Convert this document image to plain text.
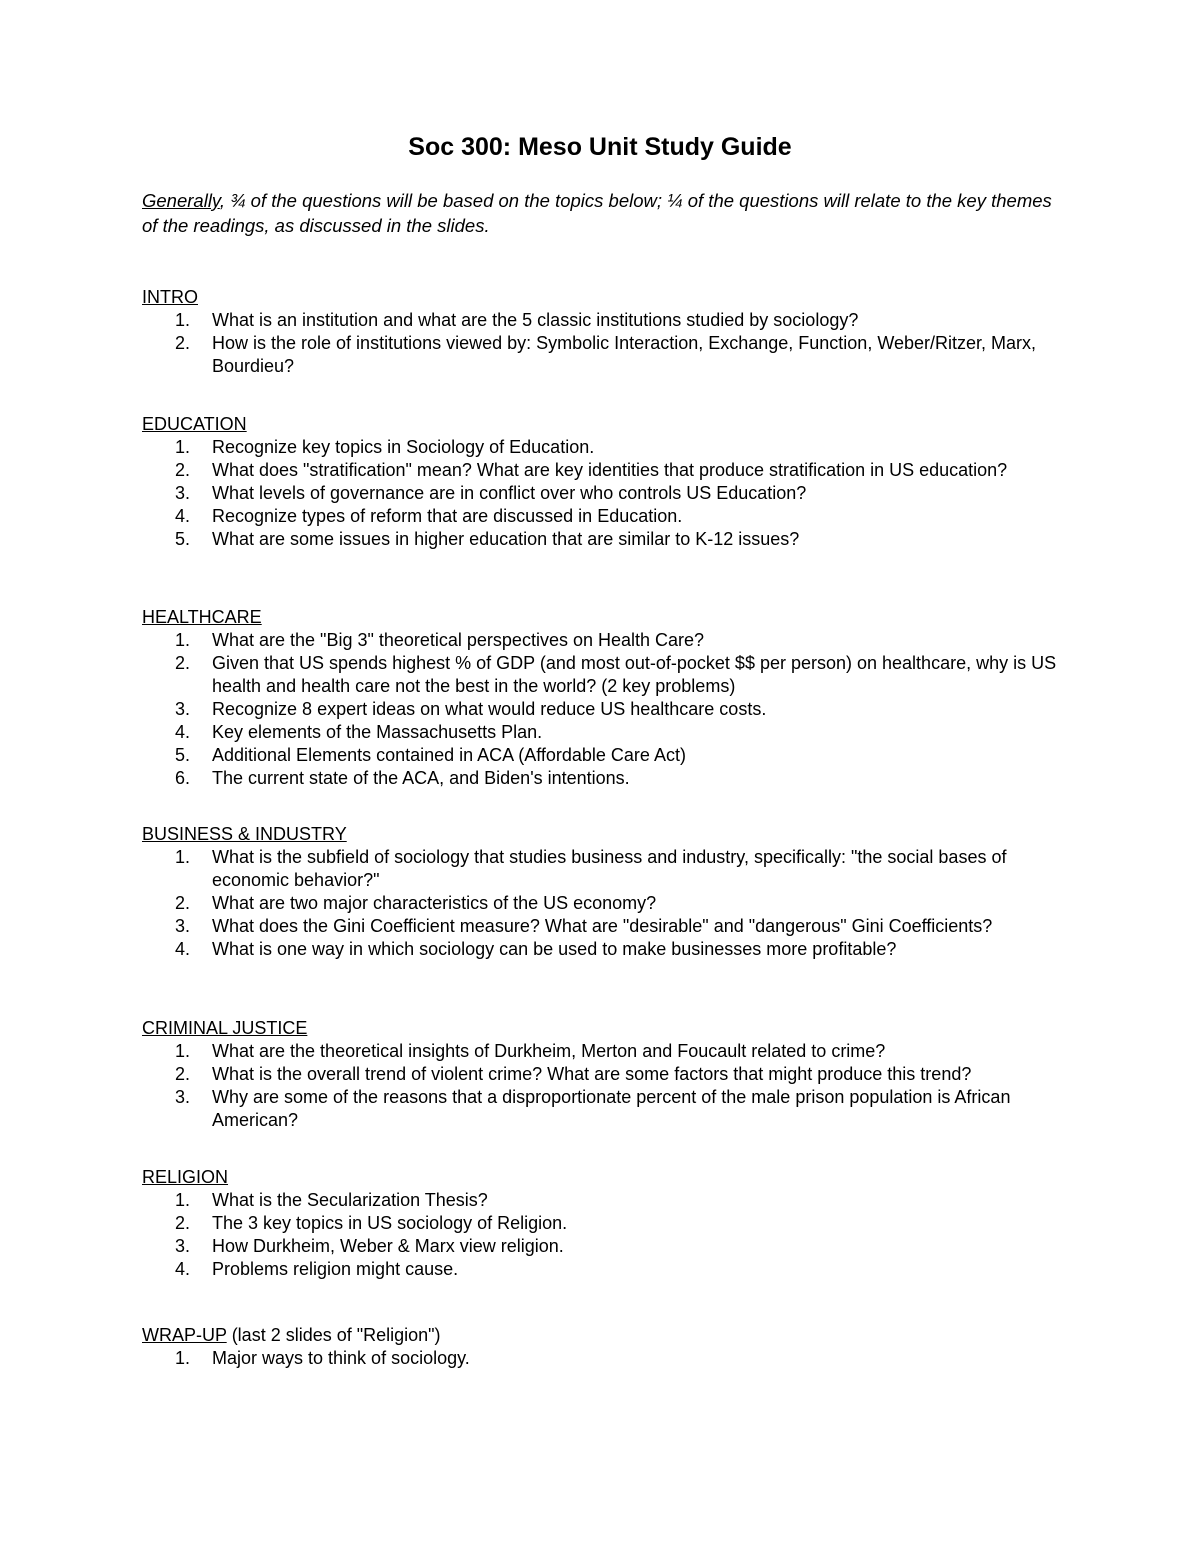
Soc 300: Meso Unit Study Guide
Generally, ¾ of the questions will be based on the topics below; ¼ of the questions will relate to the key themes of the readings, as discussed in the slides.
INTRO
1. What is an institution and what are the 5 classic institutions studied by sociology?
2. How is the role of institutions viewed by: Symbolic Interaction, Exchange, Function, Weber/Ritzer, Marx, Bourdieu?
EDUCATION
1. Recognize key topics in Sociology of Education.
2. What does "stratification" mean? What are key identities that produce stratification in US education?
3. What levels of governance are in conflict over who controls US Education?
4. Recognize types of reform that are discussed in Education.
5. What are some issues in higher education that are similar to K-12 issues?
HEALTHCARE
1. What are the "Big 3" theoretical perspectives on Health Care?
2. Given that US spends highest % of GDP (and most out-of-pocket $$ per person) on healthcare, why is US health and health care not the best in the world? (2 key problems)
3. Recognize 8 expert ideas on what would reduce US healthcare costs.
4. Key elements of the Massachusetts Plan.
5. Additional Elements contained in ACA (Affordable Care Act)
6. The current state of the ACA, and Biden's intentions.
BUSINESS & INDUSTRY
1. What is the subfield of sociology that studies business and industry, specifically: "the social bases of economic behavior?"
2. What are two major characteristics of the US economy?
3. What does the Gini Coefficient measure? What are "desirable" and "dangerous" Gini Coefficients?
4. What is one way in which sociology can be used to make businesses more profitable?
CRIMINAL JUSTICE
1. What are the theoretical insights of Durkheim, Merton and Foucault related to crime?
2. What is the overall trend of violent crime? What are some factors that might produce this trend?
3. Why are some of the reasons that a disproportionate percent of the male prison population is African American?
RELIGION
1. What is the Secularization Thesis?
2. The 3 key topics in US sociology of Religion.
3. How Durkheim, Weber & Marx view religion.
4. Problems religion might cause.
WRAP-UP (last 2 slides of "Religion")
1. Major ways to think of sociology.
